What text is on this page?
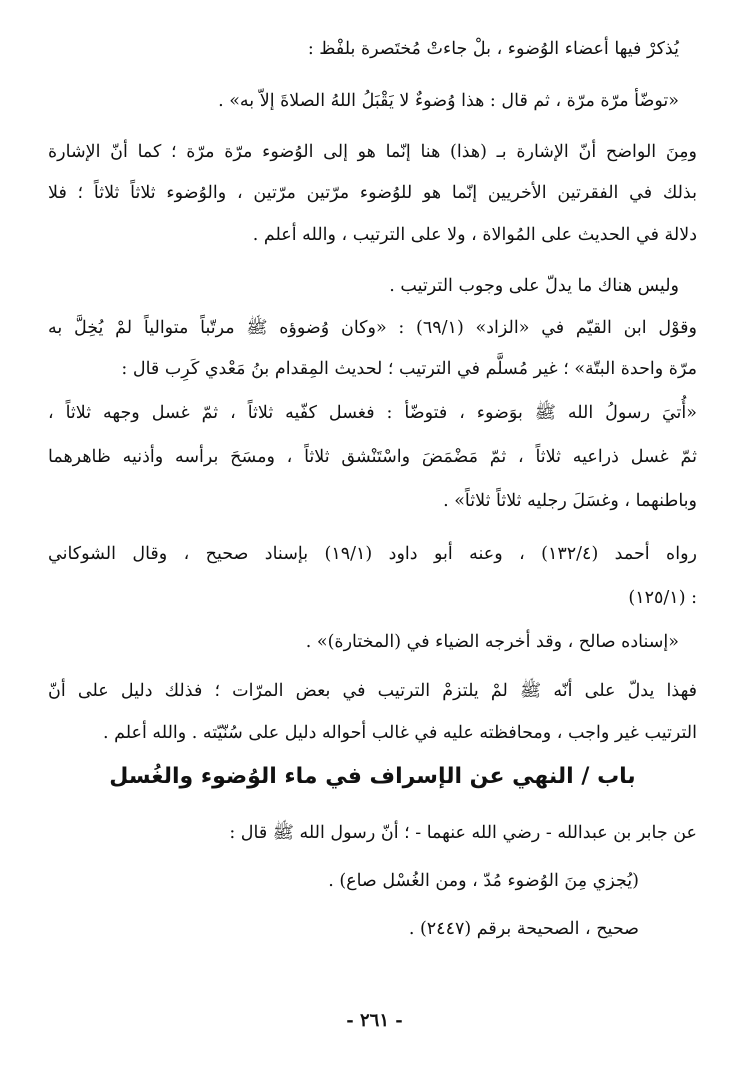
يُذكرْ فيها أعضاء الوُضوء ، بلْ جاءتْ مُختَصرة بلفْظ :
«توضّأ مرّة مرّة ، ثم قال : هذا وُضوءٌ لا يَقْبَلُ اللهُ الصلاةَ إلاّ به» .
ومِنَ الواضح أنّ الإشارة بـ (هذا) هنا إنّما هو إلى الوُضوء مرّة مرّة ؛ كما أنّ الإشارة
بذلك في الفقرتين الأخريين إنّما هو للوُضوء مرّتين مرّتين ، والوُضوء ثلاثاً ثلاثاً ؛ فلا
دلالة في الحديث على المُوالاة ، ولا على الترتيب ، والله أعلم .
وليس هناك ما يدلّ على وجوب الترتيب .
وقوْل ابن القيّم في «الزاد» (٦٩/١) : «وكان وُضوؤه ﷺ مرتّباً متوالياً لمْ يُخِلَّ به
مرّة واحدة البتّة» ؛ غير مُسلَّم في الترتيب ؛ لحديث المِقدام بنُ مَعْدي كَرِب قال :
«أُتيَ رسولُ الله ﷺ بوَضوء ، فتوضّأ : فغسل كفّيه ثلاثاً ، ثمّ غسل وجهه ثلاثاً ،
ثمّ غسل ذراعيه ثلاثاً ، ثمّ مَضْمَضَ واسْتَنْشق ثلاثاً ، ومسَحَ برأسه وأذنيه ظاهرهما
وباطنهما ، وغسَلَ رجليه ثلاثاً ثلاثاً» .
رواه أحمد (١٣٢/٤) ، وعنه أبو داود (١٩/١) بإسناد صحيح ، وقال الشوكاني
(١٢٥/١) :
«إسناده صالح ، وقد أخرجه الضياء في (المختارة)» .
فهذا يدلّ على أنّه ﷺ لمْ يلتزمْ الترتيب في بعض المرّات ؛ فذلك دليل على أنّ
الترتيب غير واجب ، ومحافظته عليه في غالب أحواله دليل على سُنّيّته . والله أعلم .
باب / النهي عن الإسراف في ماء الوُضوء والغُسل
عن جابر بن عبدالله - رضي الله عنهما - ؛ أنّ رسول الله ﷺ قال :
(يُجزي مِنَ الوُضوء مُدّ ، ومن الغُسْل صاع) .
صحيح ، الصحيحة برقم (٢٤٤٧) .
- ٢٦١ -
